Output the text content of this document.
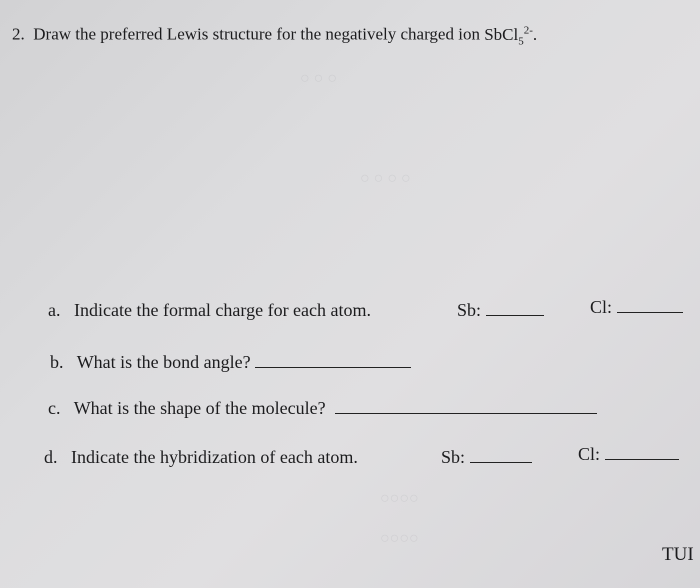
○ ○ ○
○ ○ ○ ○
○○○○
○○○○
2. Draw the preferred Lewis structure for the negatively charged ion SbCl$_5^{2-}$.
a. Indicate the formal charge for each atom.	Sb:	Cl:
b. What is the bond angle?
c. What is the shape of the molecule?
d. Indicate the hybridization of each atom.	Sb:	Cl:
TUI
